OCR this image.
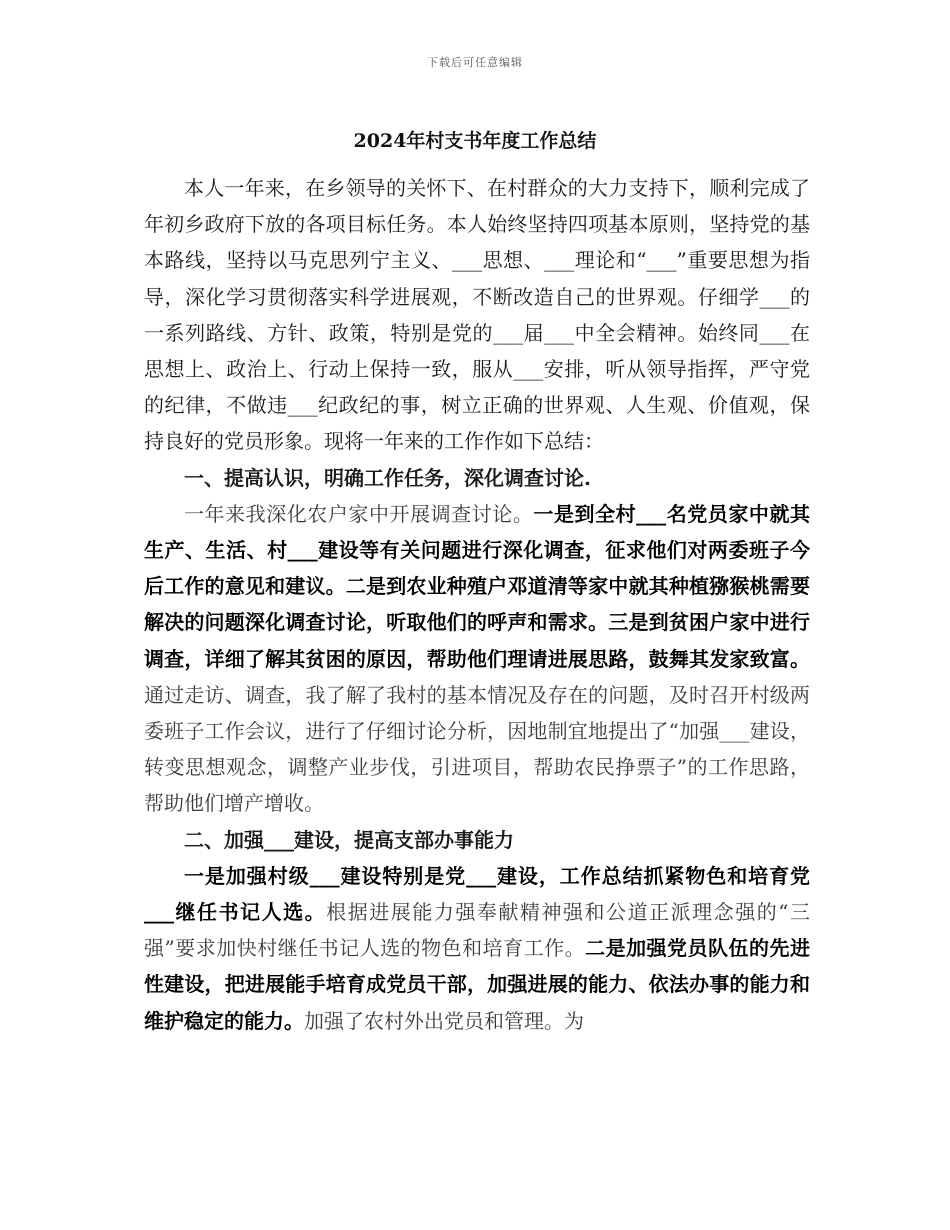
下载后可任意编辑
2024年村支书年度工作总结

本人一年来，在乡领导的关怀下、在村群众的大力支持下，顺利完成了年初乡政府下放的各项目标任务。本人始终坚持四项基本原则，坚持党的基本路线，坚持以马克思列宁主义、___思想、___理论和“___”重要思想为指导，深化学习贯彻落实科学进展观，不断改造自己的世界观。仔细学___的一系列路线、方针、政策，特别是党的___届___中全会精神。始终同___在思想上、政治上、行动上保持一致，服从___安排，听从领导指挥，严守党的纪律，不做违___纪政纪的事，树立正确的世界观、人生观、价值观，保持良好的党员形象。现将一年来的工作作如下总结：

一、提高认识，明确工作任务，深化调查讨论.

一年来我深化农户家中开展调查讨论。一是到全村___名党员家中就其生产、生活、村___建设等有关问题进行深化调查，征求他们对两委班子今后工作的意见和建议。二是到农业种殖户邓道清等家中就其种植猕猴桃需要解决的问题深化调查讨论，听取他们的呼声和需求。三是到贫困户家中进行调查，详细了解其贫困的原因，帮助他们理请进展思路，鼓舞其发家致富。通过走访、调查，我了解了我村的基本情况及存在的问题，及时召开村级两委班子工作会议，进行了仔细讨论分析，因地制宜地提出了“加强___建设，转变思想观念，调整产业步伐，引进项目，帮助农民挣票子”的工作思路，帮助他们增产增收。

二、加强___建设，提高支部办事能力

一是加强村级___建设特别是党___建设，工作总结抓紧物色和培育党___继任书记人选。根据进展能力强奉献精神强和公道正派理念强的“三强”要求加快村继任书记人选的物色和培育工作。二是加强党员队伍的先进性建设，把进展能手培育成党员干部，加强进展的能力、依法办事的能力和维护稳定的能力。加强了农村外出党员和管理。为
